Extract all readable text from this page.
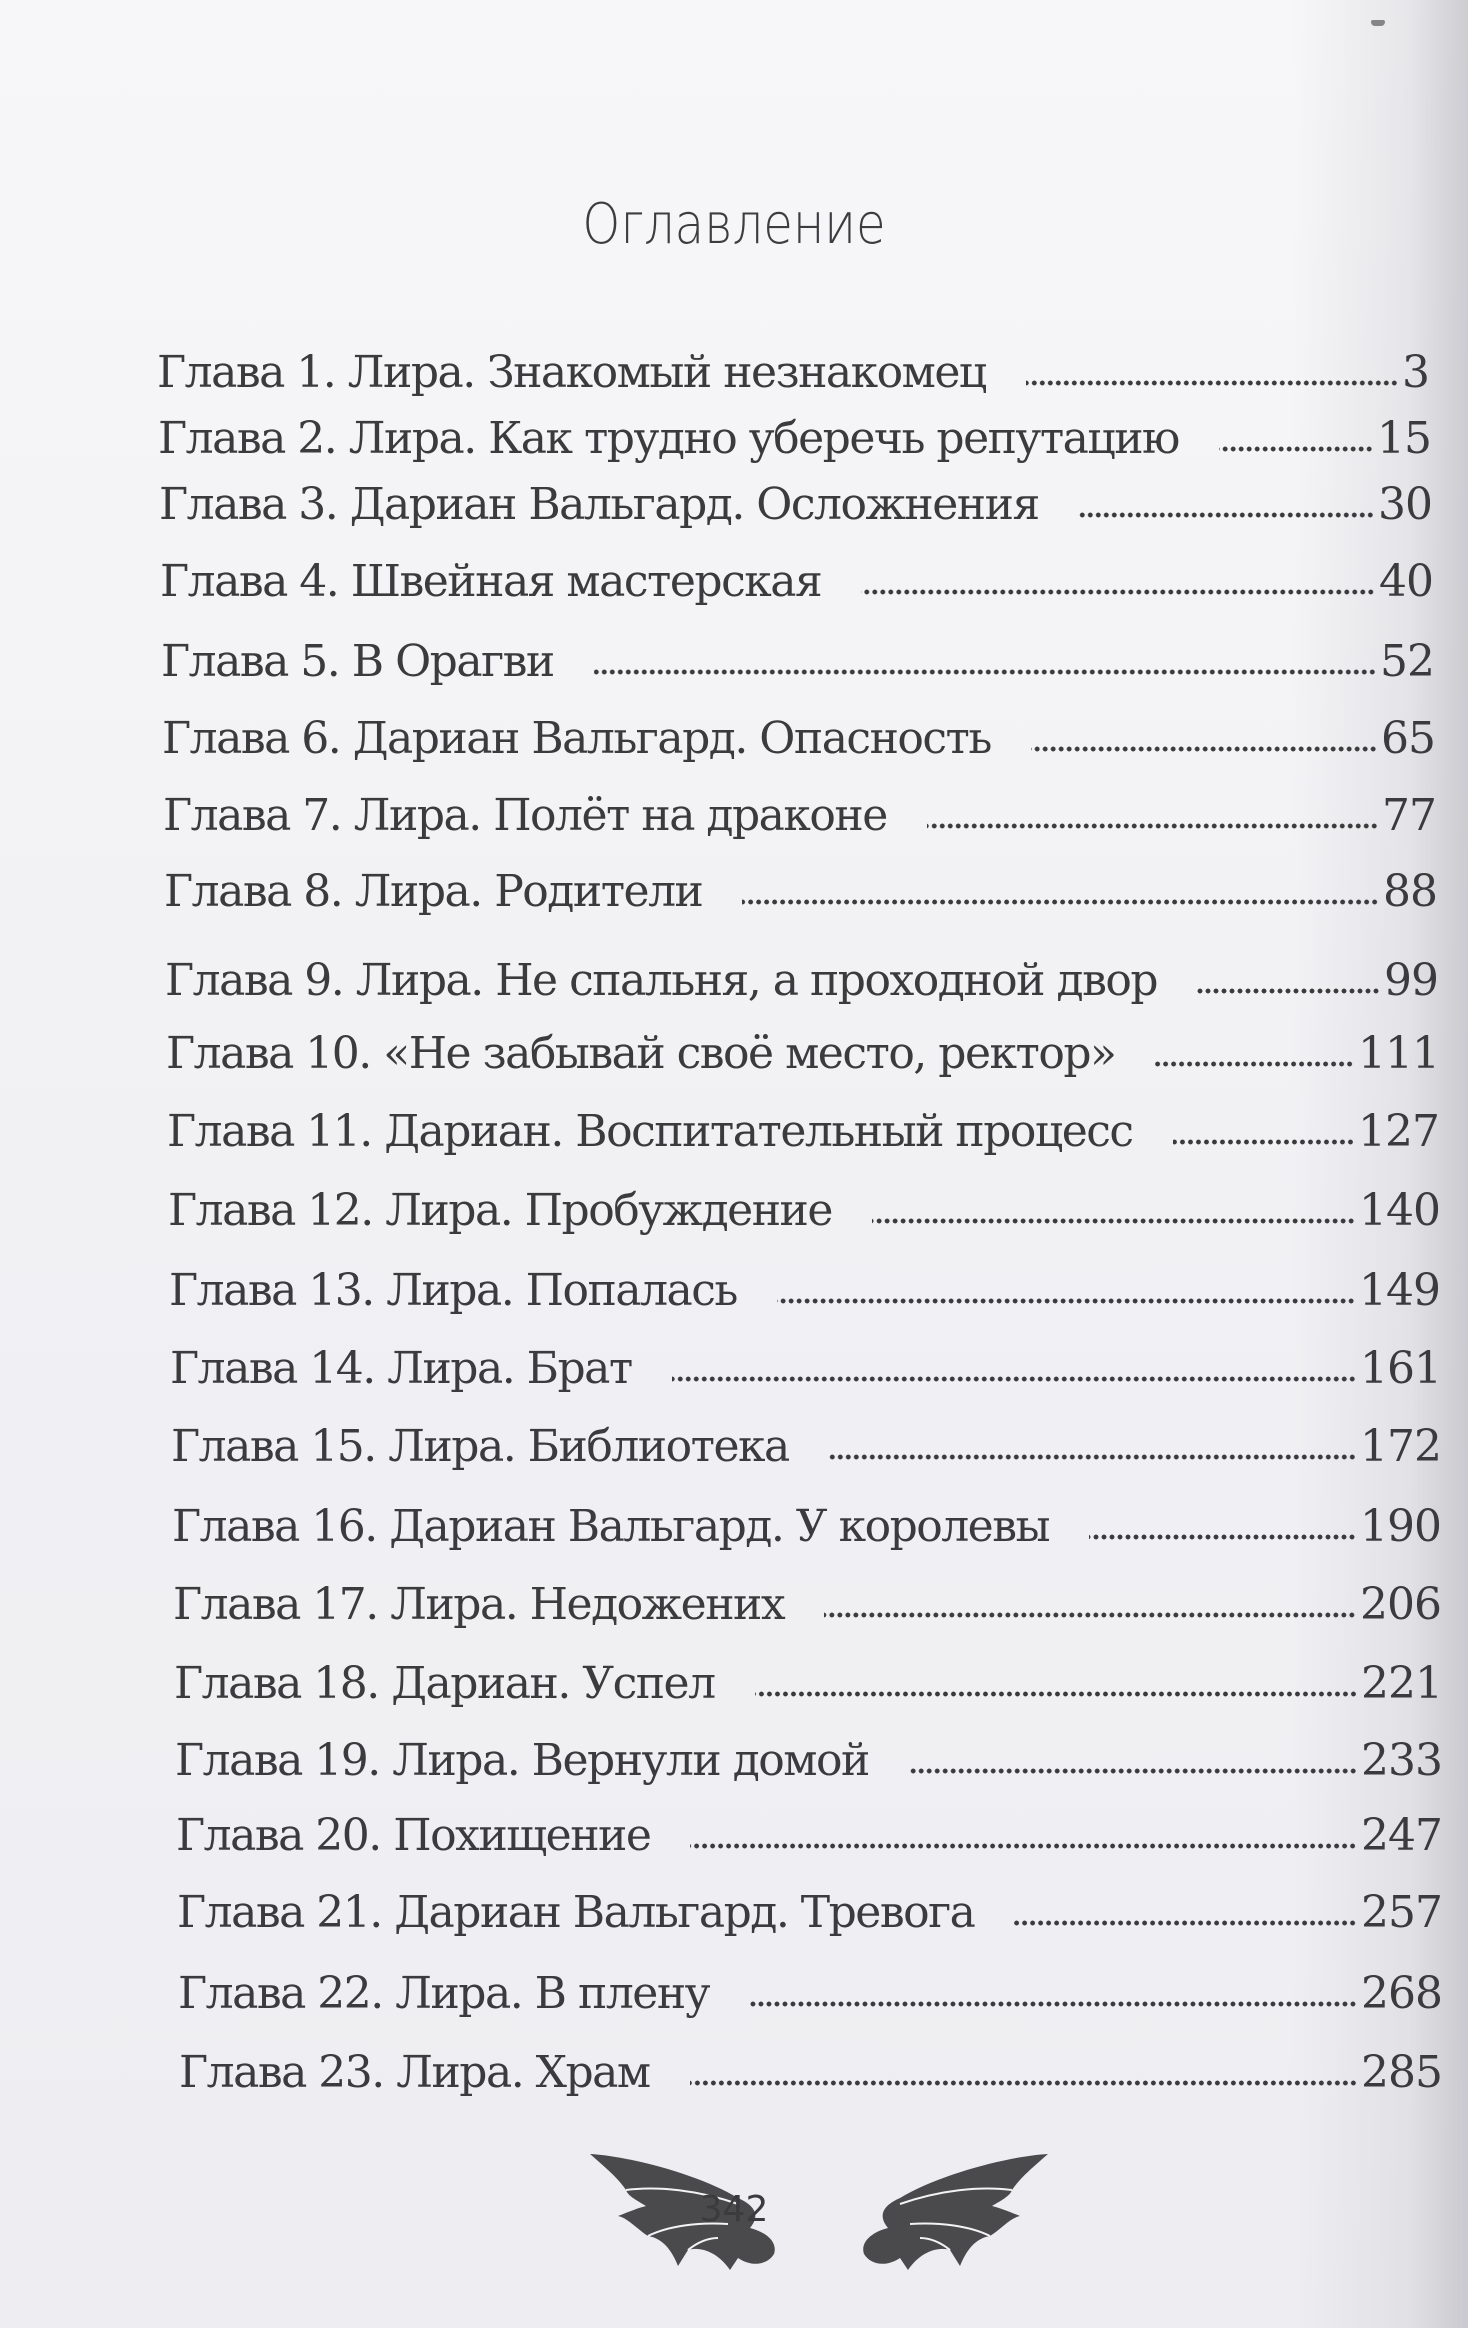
Оглавление
Глава 1. Лира. Знакомый незнакомец	3
Глава 2. Лира. Как трудно уберечь репутацию	15
Глава 3. Дариан Вальгард. Осложнения	30
Глава 4. Швейная мастерская	40
Глава 5. В Орагви	52
Глава 6. Дариан Вальгард. Опасность	65
Глава 7. Лира. Полёт на драконе	77
Глава 8. Лира. Родители	88
Глава 9. Лира. Не спальня, а проходной двор	99
Глава 10. «Не забывай своё место, ректор»	111
Глава 11. Дариан. Воспитательный процесс	127
Глава 12. Лира. Пробуждение	140
Глава 13. Лира. Попалась	149
Глава 14. Лира. Брат	161
Глава 15. Лира. Библиотека	172
Глава 16. Дариан Вальгард. У королевы	190
Глава 17. Лира. Недожених	206
Глава 18. Дариан. Успел	221
Глава 19. Лира. Вернули домой	233
Глава 20. Похищение	247
Глава 21. Дариан Вальгард. Тревога	257
Глава 22. Лира. В плену	268
Глава 23. Лира. Храм	285
342
